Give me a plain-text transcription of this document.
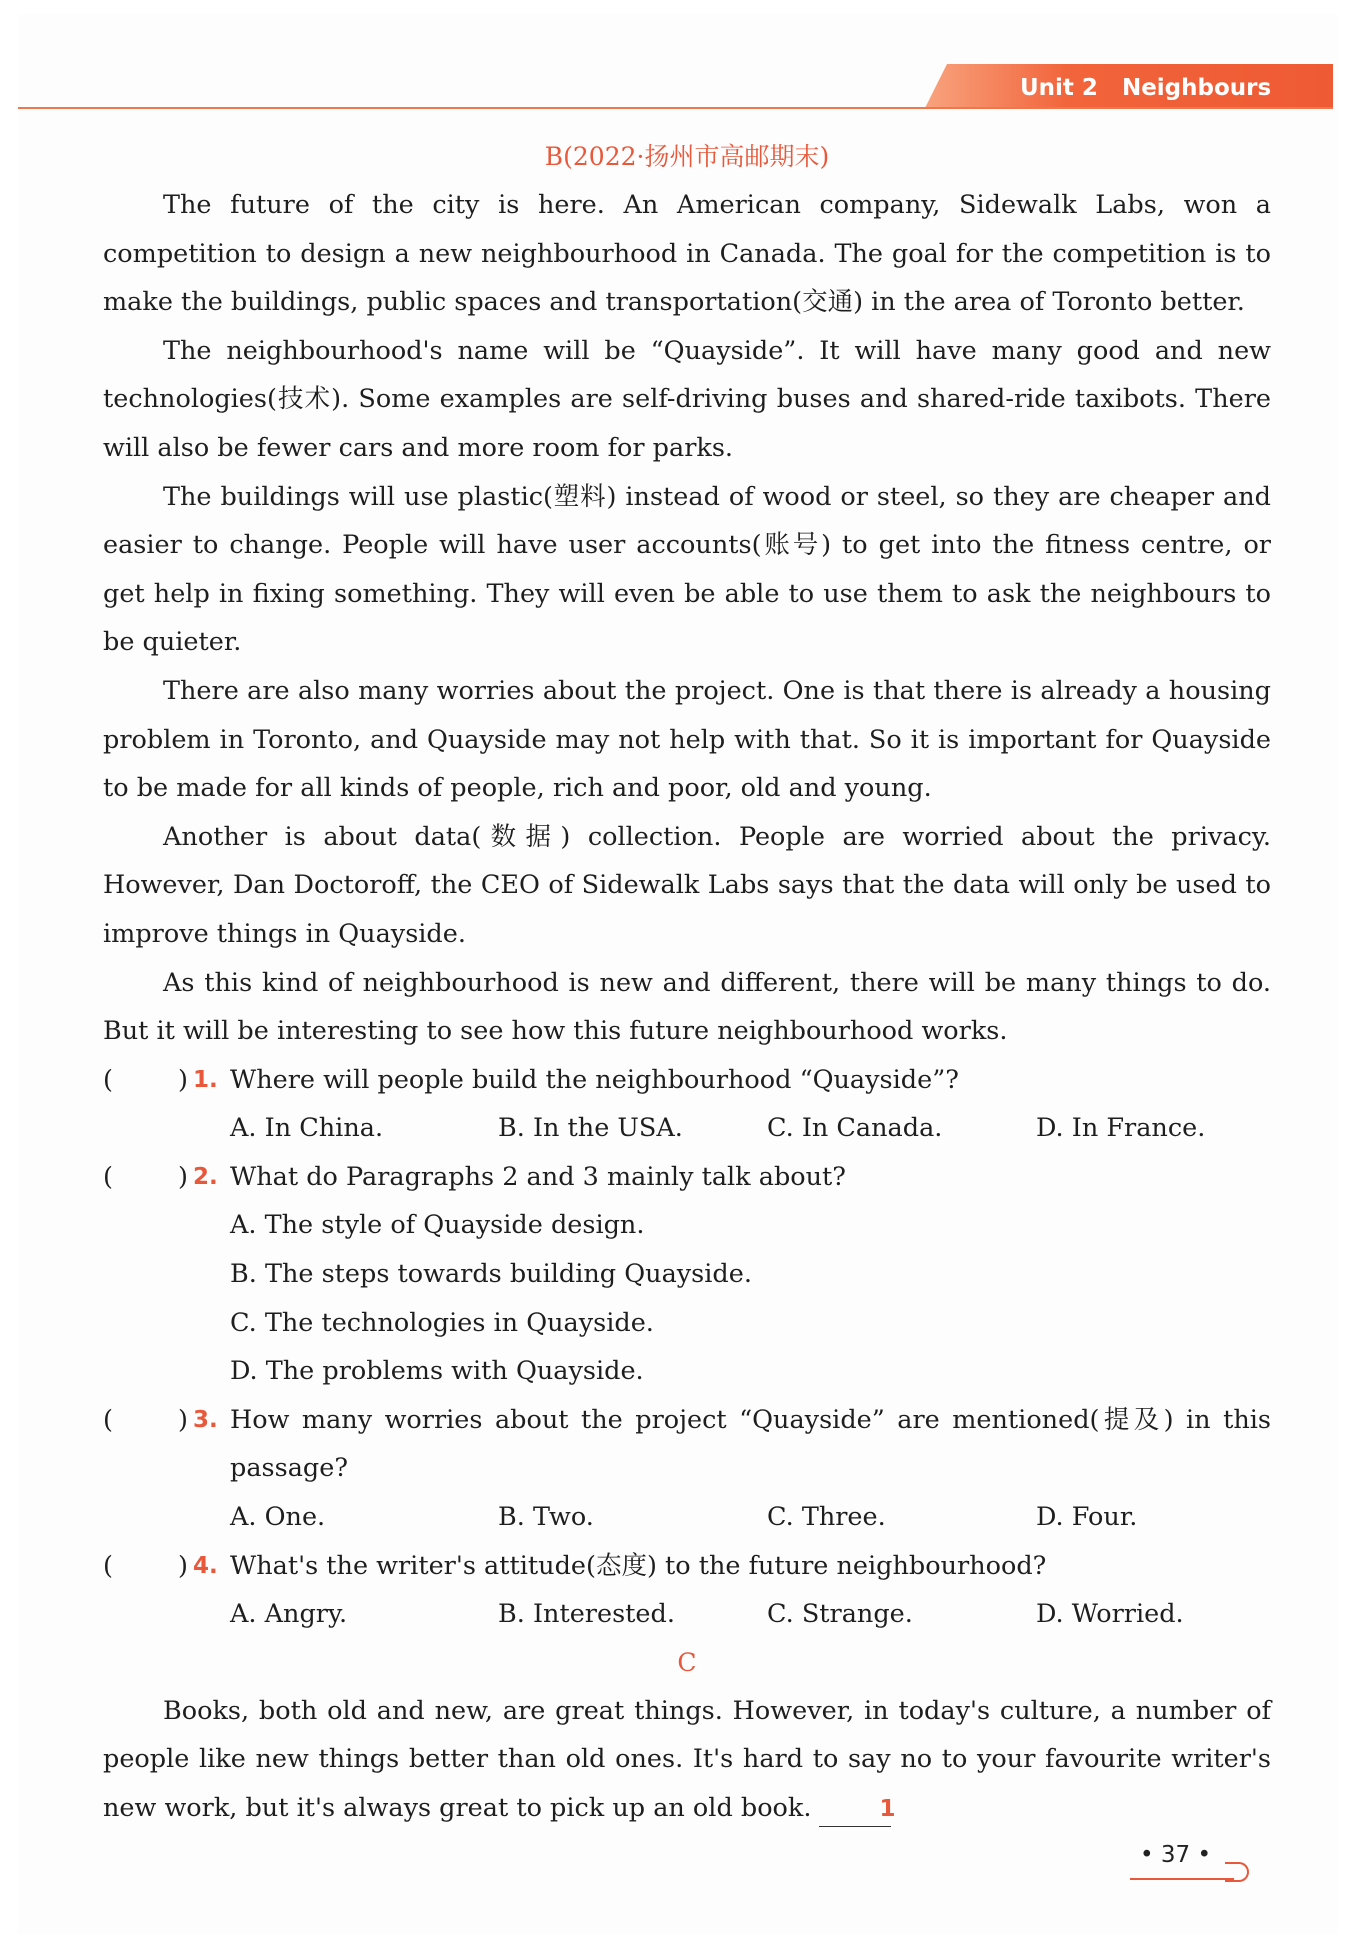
Unit 2 Neighbours
B(2022·扬州市高邮期末)

The future of the city is here. An American company, Sidewalk Labs, won a competition to design a new neighbourhood in Canada. The goal for the competition is to make the buildings, public spaces and transportation(交通) in the area of Toronto better.

The neighbourhood's name will be “Quayside”. It will have many good and new technologies(技术). Some examples are self-driving buses and shared-ride taxibots. There will also be fewer cars and more room for parks.

The buildings will use plastic(塑料) instead of wood or steel, so they are cheaper and easier to change. People will have user accounts(账号) to get into the fitness centre, or get help in fixing something. They will even be able to use them to ask the neighbours to be quieter.

There are also many worries about the project. One is that there is already a housing problem in Toronto, and Quayside may not help with that. So it is important for Quayside to be made for all kinds of people, rich and poor, old and young.

Another is about data(数据) collection. People are worried about the privacy. However, Dan Doctoroff, the CEO of Sidewalk Labs says that the data will only be used to improve things in Quayside.

As this kind of neighbourhood is new and different, there will be many things to do. But it will be interesting to see how this future neighbourhood works.

(	) 1. Where will people build the neighbourhood “Quayside”?
A. In China.	B. In the USA.	C. In Canada.	D. In France.
(	) 2. What do Paragraphs 2 and 3 mainly talk about?
A. The style of Quayside design.
B. The steps towards building Quayside.
C. The technologies in Quayside.
D. The problems with Quayside.
(	) 3. How many worries about the project “Quayside” are mentioned(提及) in this passage?
A. One.	B. Two.	C. Three.	D. Four.
(	) 4. What's the writer's attitude(态度) to the future neighbourhood?
A. Angry.	B. Interested.	C. Strange.	D. Worried.
C

Books, both old and new, are great things. However, in today's culture, a number of people like new things better than old ones. It's hard to say no to your favourite writer's new work, but it's always great to pick up an old book.	1

• 37 •
